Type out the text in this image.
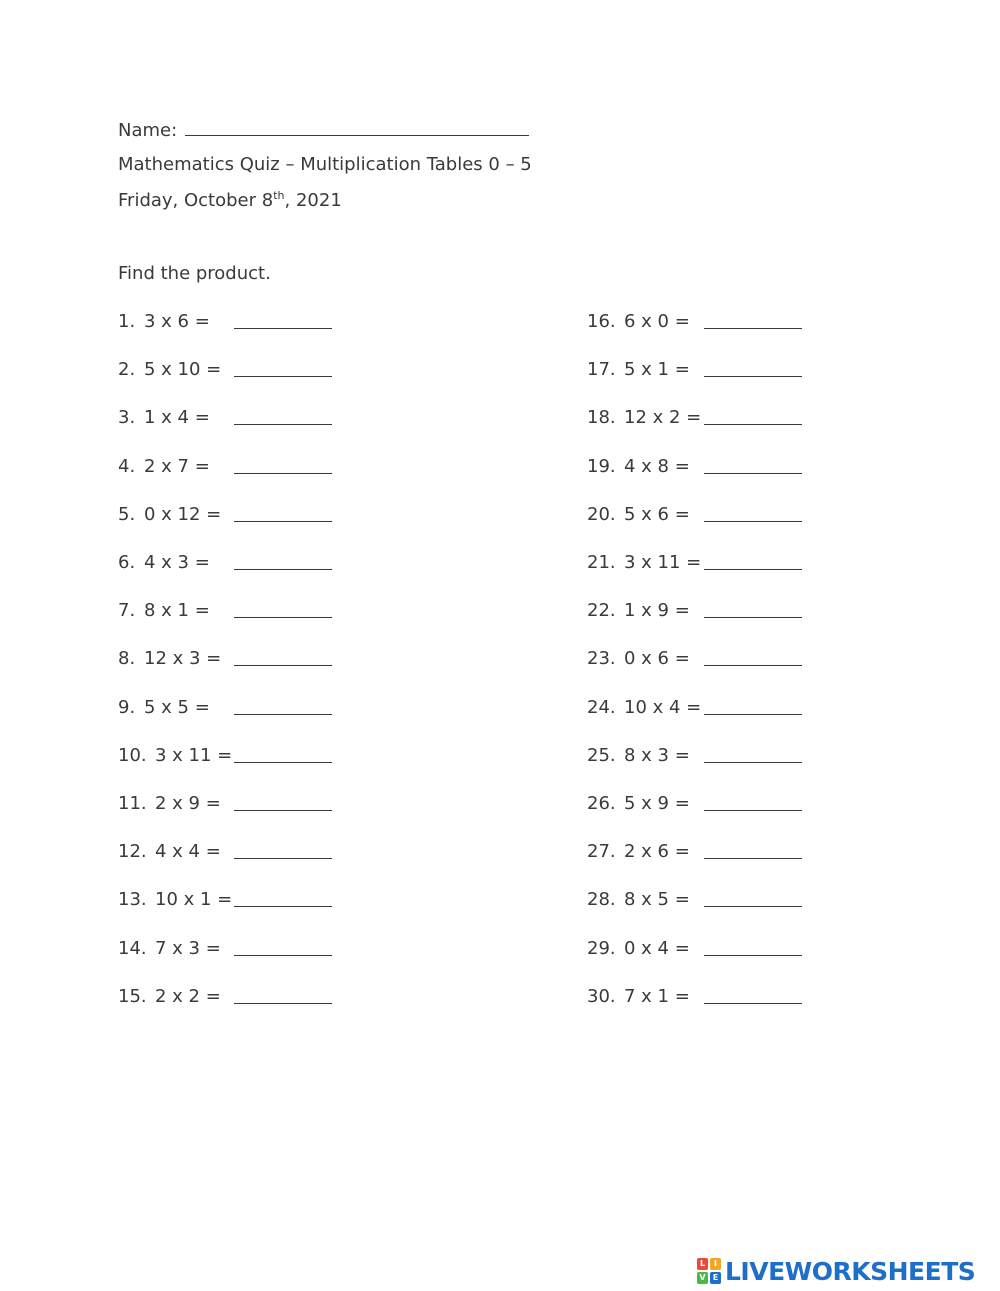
Name:
Mathematics Quiz – Multiplication Tables 0 – 5
Friday, October 8th, 2021
Find the product.
1. 3 x 6 =
2. 5 x 10 =
3. 1 x 4 =
4. 2 x 7 =
5. 0 x 12 =
6. 4 x 3 =
7. 8 x 1 =
8. 12 x 3 =
9. 5 x 5 =
10. 3 x 11 =
11. 2 x 9 =
12. 4 x 4 =
13. 10 x 1 =
14. 7 x 3 =
15. 2 x 2 =
16. 6 x 0 =
17. 5 x 1 =
18. 12 x 2 =
19. 4 x 8 =
20. 5 x 6 =
21. 3 x 11 =
22. 1 x 9 =
23. 0 x 6 =
24. 10 x 4 =
25. 8 x 3 =
26. 5 x 9 =
27. 2 x 6 =
28. 8 x 5 =
29. 0 x 4 =
30. 7 x 1 =
L	I
V E LIVEWORKSHEETS
